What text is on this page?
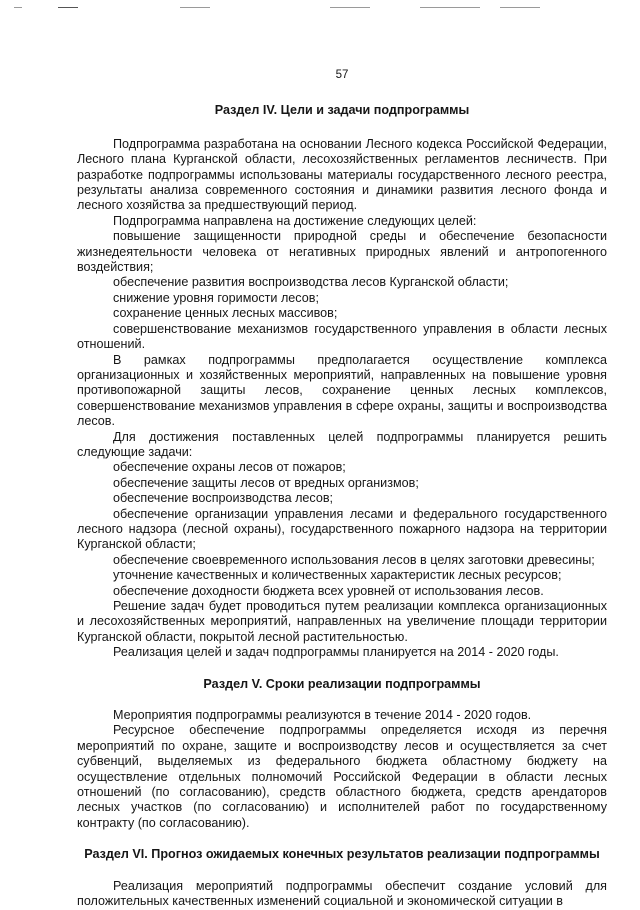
57
Раздел IV. Цели и задачи подпрограммы

Подпрограмма разработана на основании Лесного кодекса Российской Федерации, Лесного плана Курганской области, лесохозяйственных регламентов лесничеств. При разработке подпрограммы использованы материалы государственного лесного реестра, результаты анализа современного состояния и динамики развития лесного фонда и лесного хозяйства за предшествующий период.

Подпрограмма направлена на достижение следующих целей:

повышение защищенности природной среды и обеспечение безопасности жизнедеятельности человека от негативных природных явлений и антропогенного воздействия;

обеспечение развития воспроизводства лесов Курганской области;

снижение уровня горимости лесов;

сохранение ценных лесных массивов;

совершенствование механизмов государственного управления в области лесных отношений.

В рамках подпрограммы предполагается осуществление комплекса организационных и хозяйственных мероприятий, направленных на повышение уровня противопожарной защиты лесов, сохранение ценных лесных комплексов, совершенствование механизмов управления в сфере охраны, защиты и воспроизводства лесов.

Для достижения поставленных целей подпрограммы планируется решить следующие задачи:

обеспечение охраны лесов от пожаров;

обеспечение защиты лесов от вредных организмов;

обеспечение воспроизводства лесов;

обеспечение организации управления лесами и федерального государственного лесного надзора (лесной охраны), государственного пожарного надзора на территории Курганской области;

обеспечение своевременного использования лесов в целях заготовки древесины;

уточнение качественных и количественных характеристик лесных ресурсов;

обеспечение доходности бюджета всех уровней от использования лесов.

Решение задач будет проводиться путем реализации комплекса организационных и лесохозяйственных мероприятий, направленных на увеличение площади территории Курганской области, покрытой лесной растительностью.

Реализация целей и задач подпрограммы планируется на 2014 - 2020 годы.

Раздел V. Сроки реализации подпрограммы

Мероприятия подпрограммы реализуются в течение 2014 - 2020 годов.

Ресурсное обеспечение подпрограммы определяется исходя из перечня мероприятий по охране, защите и воспроизводству лесов и осуществляется за счет субвенций, выделяемых из федерального бюджета областному бюджету на осуществление отдельных полномочий Российской Федерации в области лесных отношений (по согласованию), средств областного бюджета, средств арендаторов лесных участков (по согласованию) и исполнителей работ по государственному контракту (по согласованию).

Раздел VI. Прогноз ожидаемых конечных результатов реализации подпрограммы

Реализация мероприятий подпрограммы обеспечит создание условий для положительных качественных изменений социальной и экономической ситуации в
